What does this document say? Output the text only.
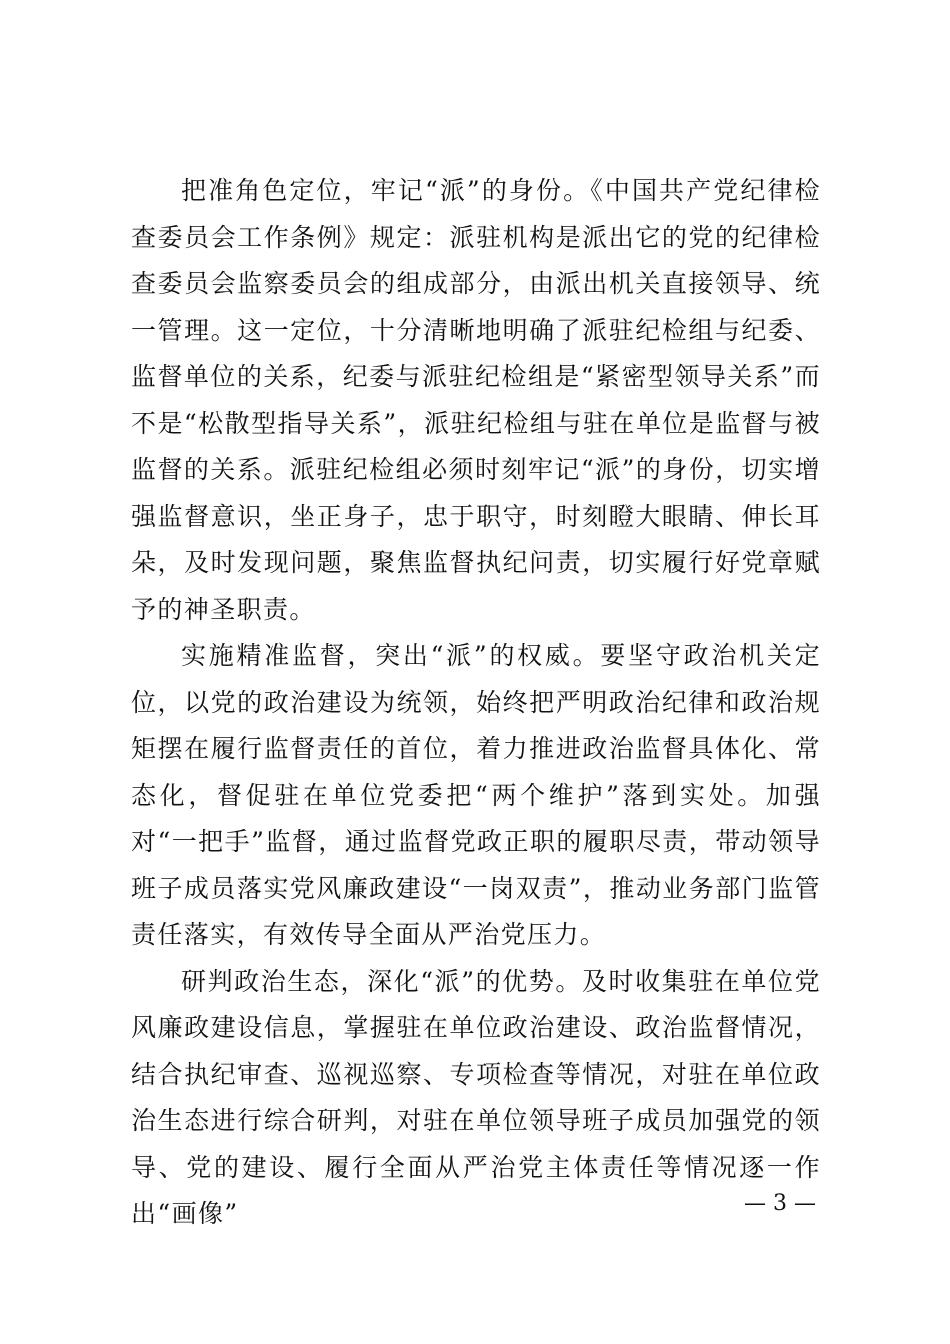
把准角色定位，牢记“派”的身份。《中国共产党纪律检查委员会工作条例》规定：派驻机构是派出它的党的纪律检查委员会监察委员会的组成部分，由派出机关直接领导、统一管理。这一定位，十分清晰地明确了派驻纪检组与纪委、监督单位的关系，纪委与派驻纪检组是“紧密型领导关系”而不是“松散型指导关系”，派驻纪检组与驻在单位是监督与被监督的关系。派驻纪检组必须时刻牢记“派”的身份，切实增强监督意识，坐正身子，忠于职守，时刻瞪大眼睛、伸长耳朵，及时发现问题，聚焦监督执纪问责，切实履行好党章赋予的神圣职责。

实施精准监督，突出“派”的权威。要坚守政治机关定位，以党的政治建设为统领，始终把严明政治纪律和政治规矩摆在履行监督责任的首位，着力推进政治监督具体化、常态化，督促驻在单位党委把“两个维护”落到实处。加强对“一把手”监督，通过监督党政正职的履职尽责，带动领导班子成员落实党风廉政建设“一岗双责”，推动业务部门监管责任落实，有效传导全面从严治党压力。

研判政治生态，深化“派”的优势。及时收集驻在单位党风廉政建设信息，掌握驻在单位政治建设、政治监督情况，结合执纪审查、巡视巡察、专项检查等情况，对驻在单位政治生态进行综合研判，对驻在单位领导班子成员加强党的领导、党的建设、履行全面从严治党主体责任等情况逐一作出“画像”	— 3 —
